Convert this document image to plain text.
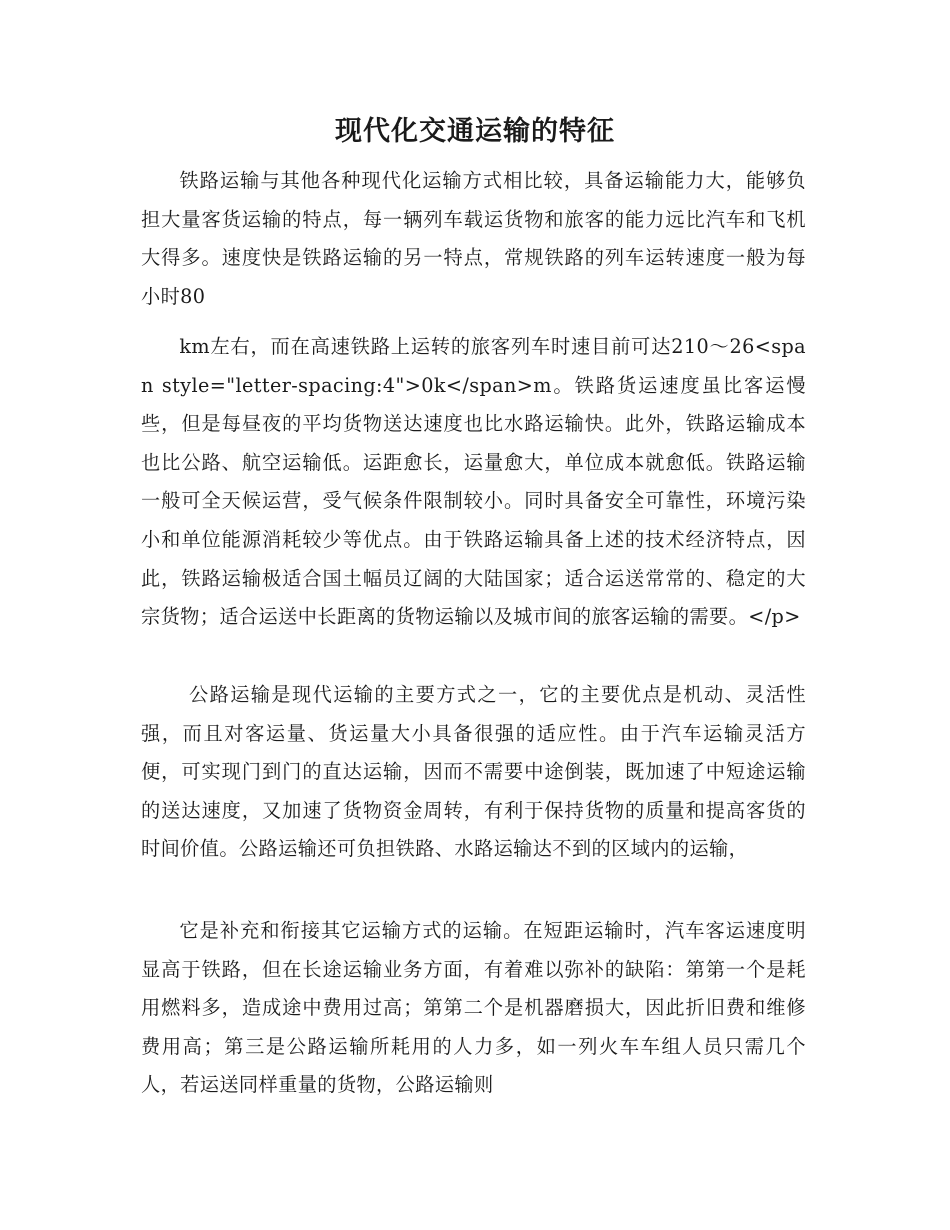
现代化交通运输的特征

铁路运输与其他各种现代化运输方式相比较，具备运输能力大，能够负担大量客货运输的特点，每一辆列车载运货物和旅客的能力远比汽车和飞机大得多。速度快是铁路运输的另一特点，常规铁路的列车运转速度一般为每小时80

km左右，而在高速铁路上运转的旅客列车时速目前可达210～26<span style="letter-spacing:4">0k</span>m。铁路货运速度虽比客运慢些，但是每昼夜的平均货物送达速度也比水路运输快。此外，铁路运输成本也比公路、航空运输低。运距愈长，运量愈大，单位成本就愈低。铁路运输一般可全天候运营，受气候条件限制较小。同时具备安全可靠性，环境污染小和单位能源消耗较少等优点。由于铁路运输具备上述的技术经济特点，因此，铁路运输极适合国土幅员辽阔的大陆国家；适合运送常常的、稳定的大宗货物；适合运送中长距离的货物运输以及城市间的旅客运输的需要。</p>

公路运输是现代运输的主要方式之一，它的主要优点是机动、灵活性强，而且对客运量、货运量大小具备很强的适应性。由于汽车运输灵活方便，可实现门到门的直达运输，因而不需要中途倒装，既加速了中短途运输的送达速度，又加速了货物资金周转，有利于保持货物的质量和提高客货的时间价值。公路运输还可负担铁路、水路运输达不到的区域内的运输，

它是补充和衔接其它运输方式的运输。在短距运输时，汽车客运速度明显高于铁路，但在长途运输业务方面，有着难以弥补的缺陷：第第一个是耗用燃料多，造成途中费用过高；第第二个是机器磨损大，因此折旧费和维修费用高；第三是公路运输所耗用的人力多，如一列火车车组人员只需几个人，若运送同样重量的货物，公路运输则
